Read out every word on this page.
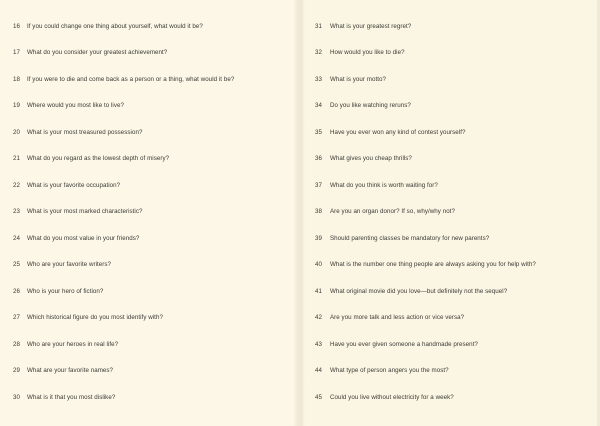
16	If you could change one thing about yourself, what would it be?
17	What do you consider your greatest achievement?
18	If you were to die and come back as a person or a thing, what would it be?
19	Where would you most like to live?
20	What is your most treasured possession?
21	What do you regard as the lowest depth of misery?
22	What is your favorite occupation?
23	What is your most marked characteristic?
24	What do you most value in your friends?
25	Who are your favorite writers?
26	Who is your hero of fiction?
27	Which historical figure do you most identify with?
28	Who are your heroes in real life?
29	What are your favorite names?
30	What is it that you most dislike?
31	What is your greatest regret?
32	How would you like to die?
33	What is your motto?
34	Do you like watching reruns?
35	Have you ever won any kind of contest yourself?
36	What gives you cheap thrills?
37	What do you think is worth waiting for?
38	Are you an organ donor? If so, why/why not?
39	Should parenting classes be mandatory for new parents?
40	What is the number one thing people are always asking you for help with?
41	What original movie did you love—but definitely not the sequel?
42	Are you more talk and less action or vice versa?
43	Have you ever given someone a handmade present?
44	What type of person angers you the most?
45	Could you live without electricity for a week?
